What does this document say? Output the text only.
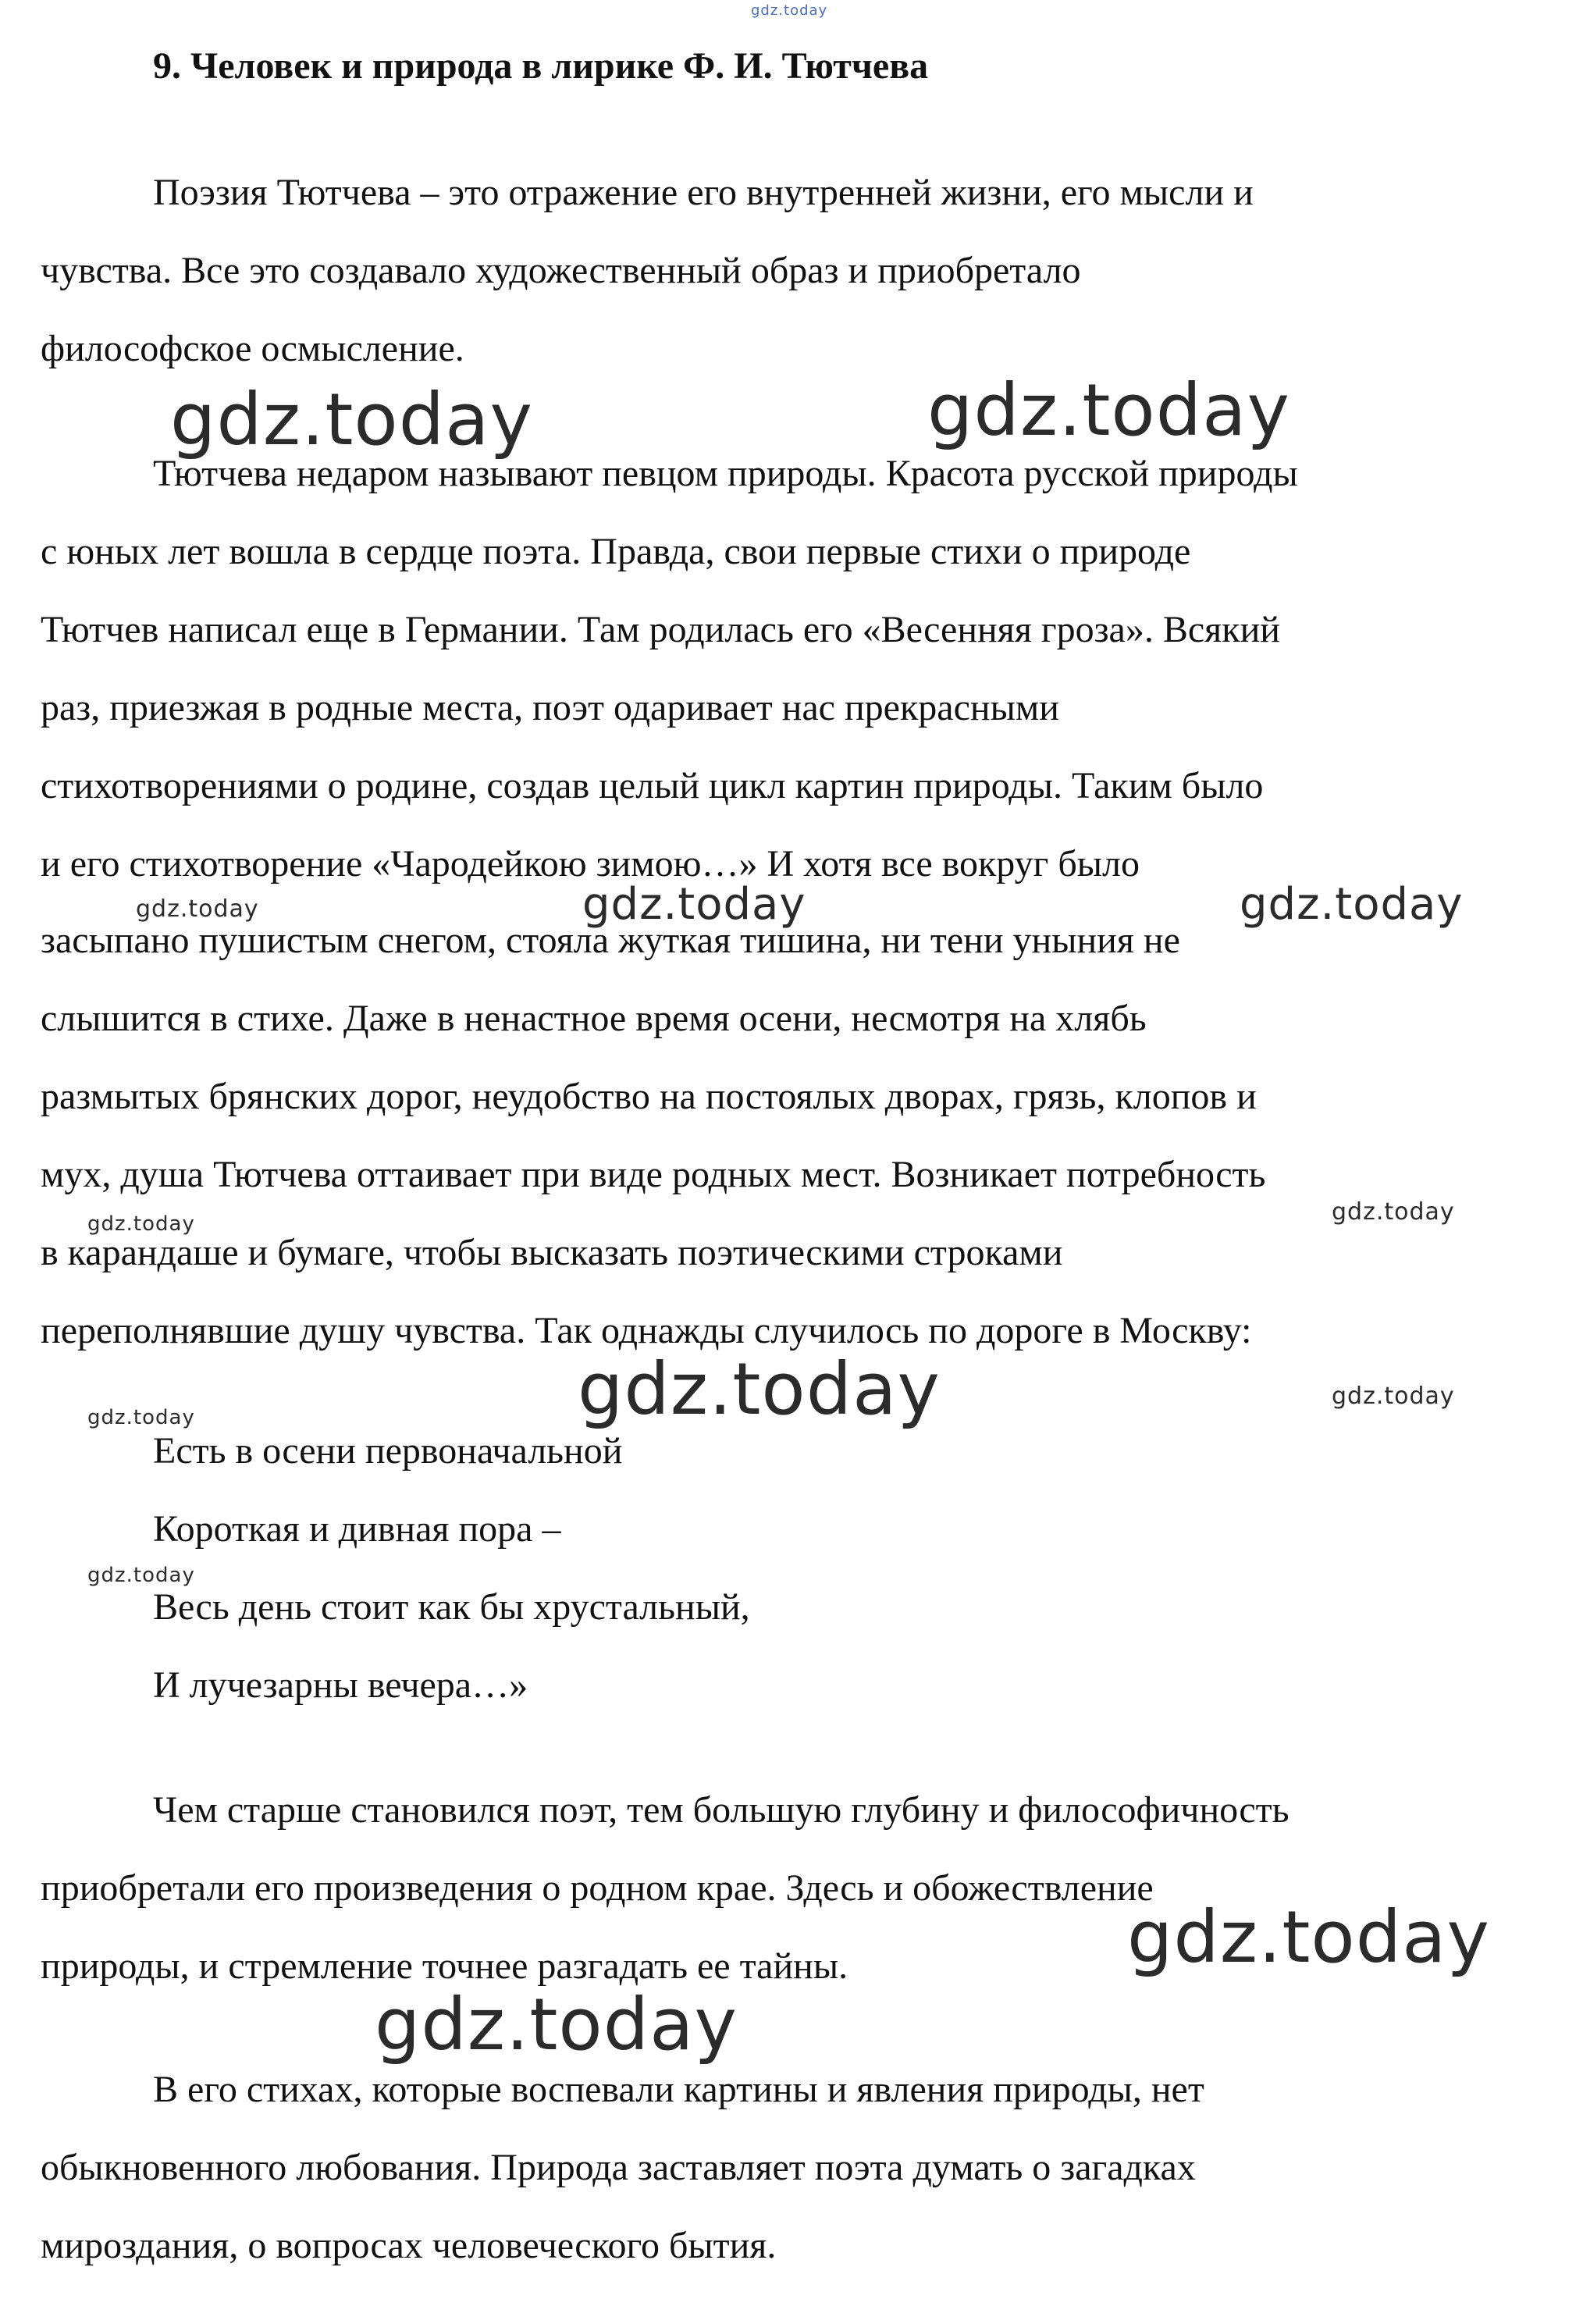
gdz.today
9. Человек и природа в лирике Ф. И. Тютчева
Поэзия Тютчева – это отражение его внутренней жизни, его мысли и
чувства. Все это создавало художественный образ и приобретало
философское осмысление.
gdz.today	gdz.today
Тютчева недаром называют певцом природы. Красота русской природы
с юных лет вошла в сердце поэта. Правда, свои первые стихи о природе
Тютчев написал еще в Германии. Там родилась его «Весенняя гроза». Всякий
раз, приезжая в родные места, поэт одаривает нас прекрасными
стихотворениями о родине, создав целый цикл картин природы. Таким было
и его стихотворение «Чародейкою зимою…» И хотя все вокруг было
gdz.today	gdz.today	gdz.today
засыпано пушистым снегом, стояла жуткая тишина, ни тени уныния не
слышится в стихе. Даже в ненастное время осени, несмотря на хлябь
размытых брянских дорог, неудобство на постоялых дворах, грязь, клопов и
мух, душа Тютчева оттаивает при виде родных мест. Возникает потребность
gdz.today	gdz.today
в карандаше и бумаге, чтобы высказать поэтическими строками
переполнявшие душу чувства. Так однажды случилось по дороге в Москву:
gdz.today
gdz.today
gdz.today
Есть в осени первоначальной
Короткая и дивная пора –
gdz.today
Весь день стоит как бы хрустальный,
И лучезарны вечера…»
Чем старше становился поэт, тем большую глубину и философичность
приобретали его произведения о родном крае. Здесь и обожествление
gdz.today
природы, и стремление точнее разгадать ее тайны.
gdz.today
В его стихах, которые воспевали картины и явления природы, нет
обыкновенного любования. Природа заставляет поэта думать о загадках
мироздания, о вопросах человеческого бытия.
